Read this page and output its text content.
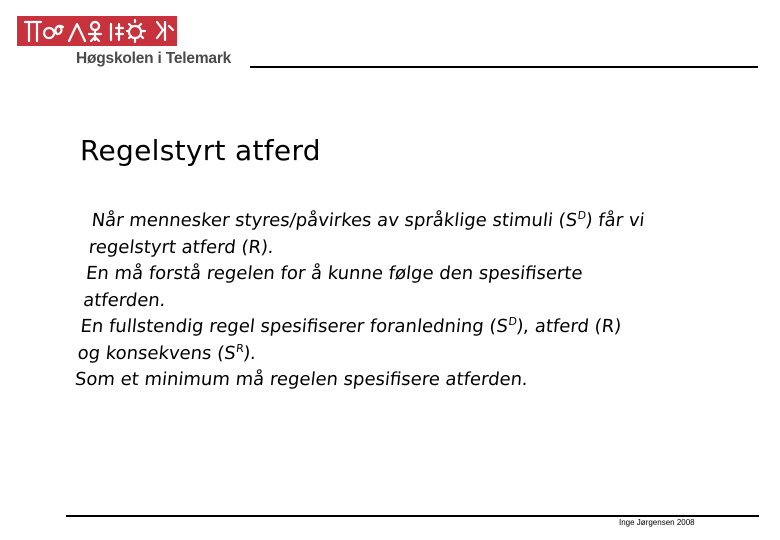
Høgskolen i Telemark
Regelstyrt atferd
Når mennesker styres/påvirkes av språklige stimuli $(S^D)$ får vi
regelstyrt atferd (R).
En må forstå regelen for å kunne følge den spesifiserte
atferden.
En fullstendig regel spesifiserer foranledning $(S^D)$, atferd (R)
og konsekvens $(S^R)$.
Som et minimum må regelen spesifisere atferden.
Inge Jørgensen 2008
